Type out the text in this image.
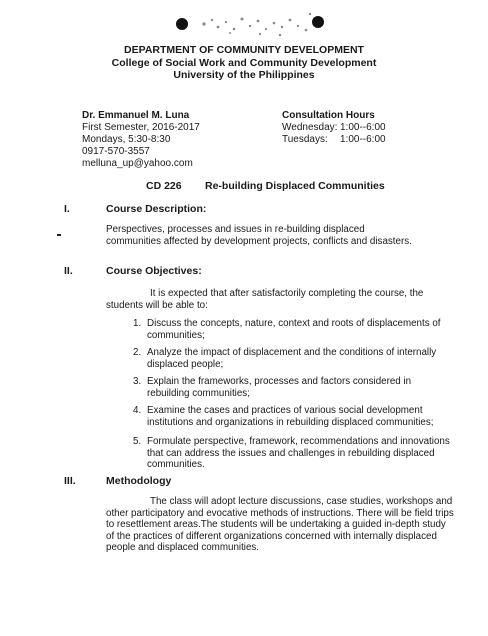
DEPARTMENT OF COMMUNITY DEVELOPMENT
College of Social Work and Community Development
University of the Philippines
Dr. Emmanuel M. Luna
First Semester, 2016-2017
Mondays, 5:30-8:30
0917-570-3557
melluna_up@yahoo.com
Consultation Hours
Wednesday:	1:00--6:00
Tuesdays:	1:00--6:00
CD 226 Re-building Displaced Communities
I.	Course Description:
Perspectives, processes and issues in re-building displaced communities affected by development projects, conflicts and disasters.
II.	Course Objectives:
It is expected that after satisfactorily completing the course, the students will be able to:
1. Discuss the concepts, nature, context and roots of displacements of communities;
2. Analyze the impact of displacement and the conditions of internally displaced people;
3. Explain the frameworks, processes and factors considered in rebuilding communities;
4. Examine the cases and practices of various social development institutions and organizations in rebuilding displaced communities;
5. Formulate perspective, framework, recommendations and innovations that can address the issues and challenges in rebuilding displaced communities.
III.	Methodology
The class will adopt lecture discussions, case studies, workshops and other participatory and evocative methods of instructions. There will be field trips to resettlement areas.The students will be undertaking a guided in-depth study of the practices of different organizations concerned with internally displaced people and displaced communities.
